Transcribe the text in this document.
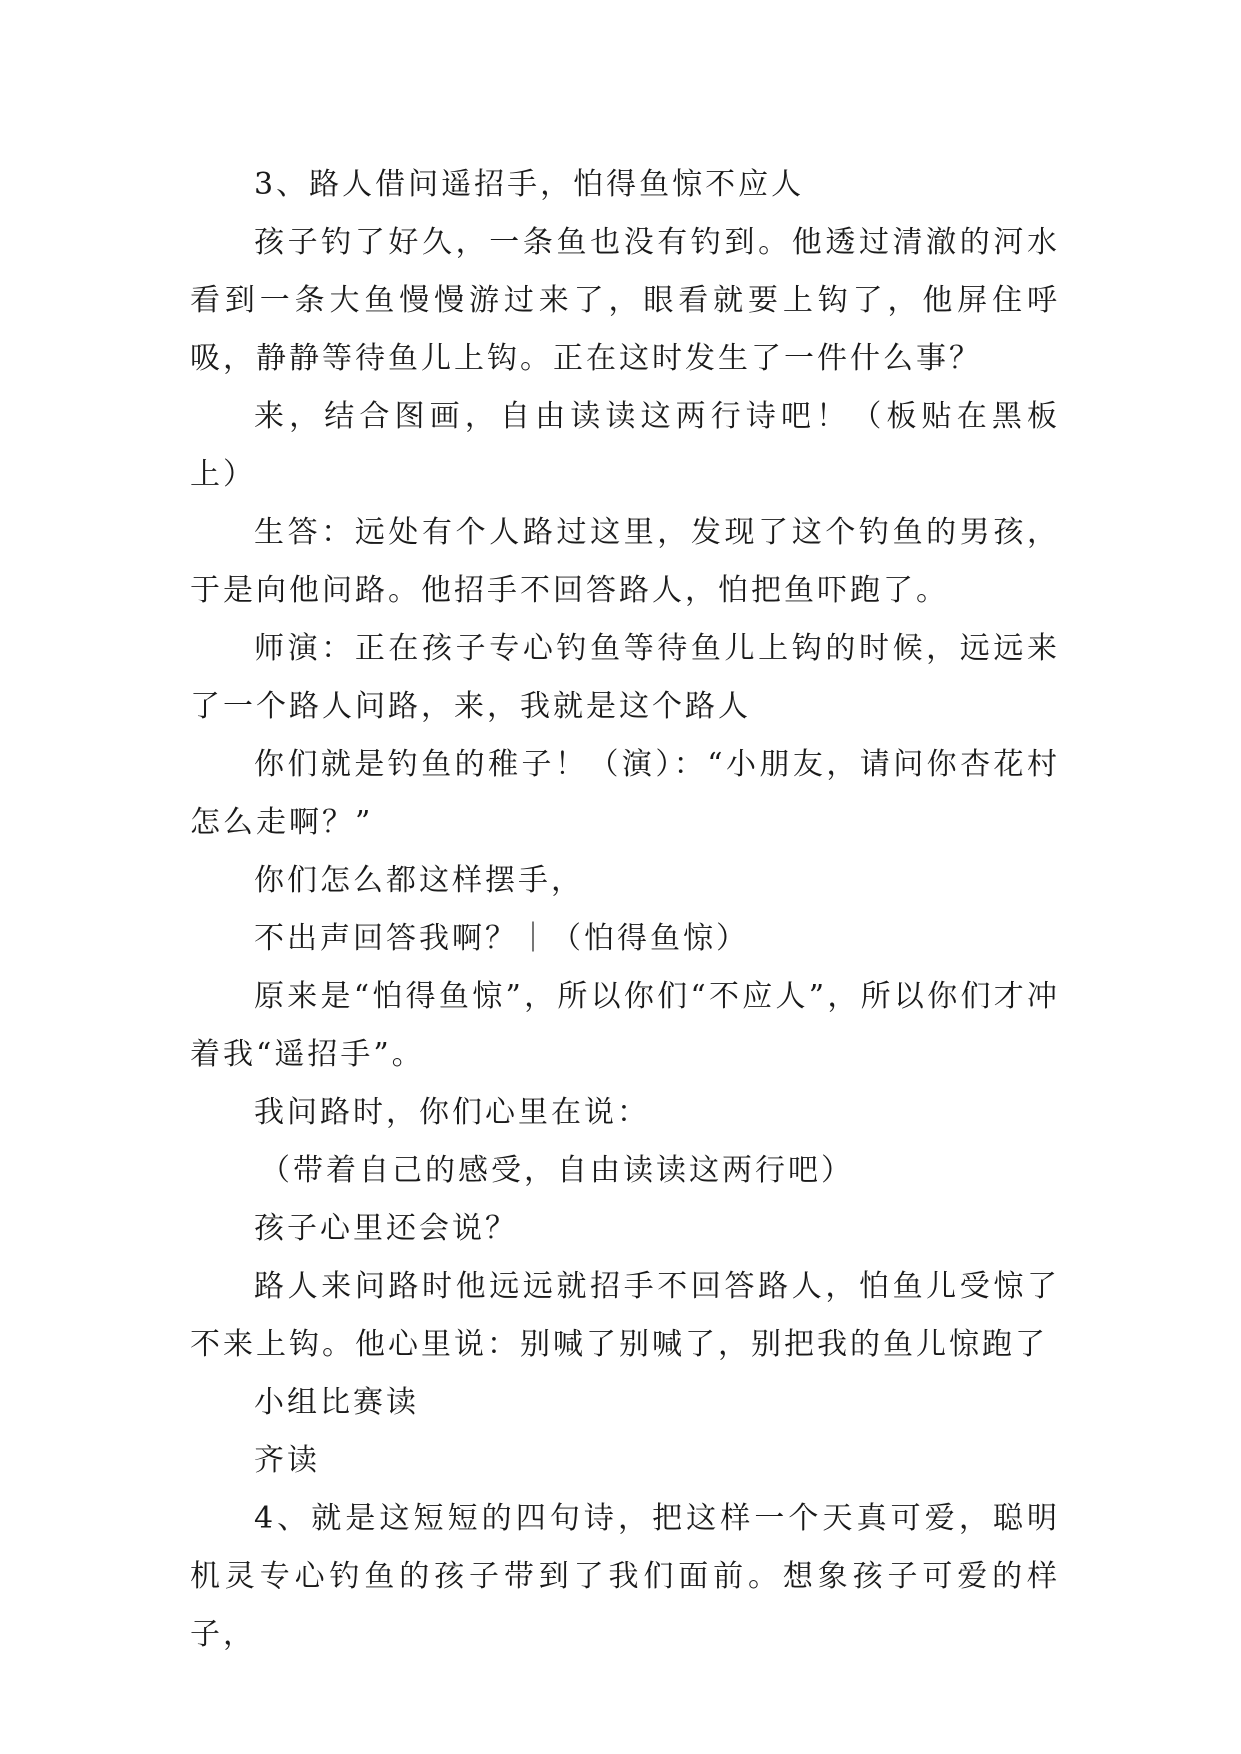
3、路人借问遥招手，怕得鱼惊不应人

孩子钓了好久，一条鱼也没有钓到。他透过清澈的河水看到一条大鱼慢慢游过来了，眼看就要上钩了，他屏住呼吸，静静等待鱼儿上钩。正在这时发生了一件什么事？

来，结合图画，自由读读这两行诗吧！（板贴在黑板上）

生答：远处有个人路过这里，发现了这个钓鱼的男孩，于是向他问路。他招手不回答路人，怕把鱼吓跑了。

师演：正在孩子专心钓鱼等待鱼儿上钩的时候，远远来了一个路人问路，来，我就是这个路人

你们就是钓鱼的稚子！（演）：“小朋友，请问你杏花村怎么走啊？”

你们怎么都这样摆手，

不出声回答我啊？｜（怕得鱼惊）

原来是“怕得鱼惊”，所以你们“不应人”，所以你们才冲着我“遥招手”。

我问路时，你们心里在说：

（带着自己的感受，自由读读这两行吧）

孩子心里还会说？

路人来问路时他远远就招手不回答路人，怕鱼儿受惊了不来上钩。他心里说：别喊了别喊了，别把我的鱼儿惊跑了

小组比赛读

齐读

4、就是这短短的四句诗，把这样一个天真可爱，聪明机灵专心钓鱼的孩子带到了我们面前。想象孩子可爱的样子，
